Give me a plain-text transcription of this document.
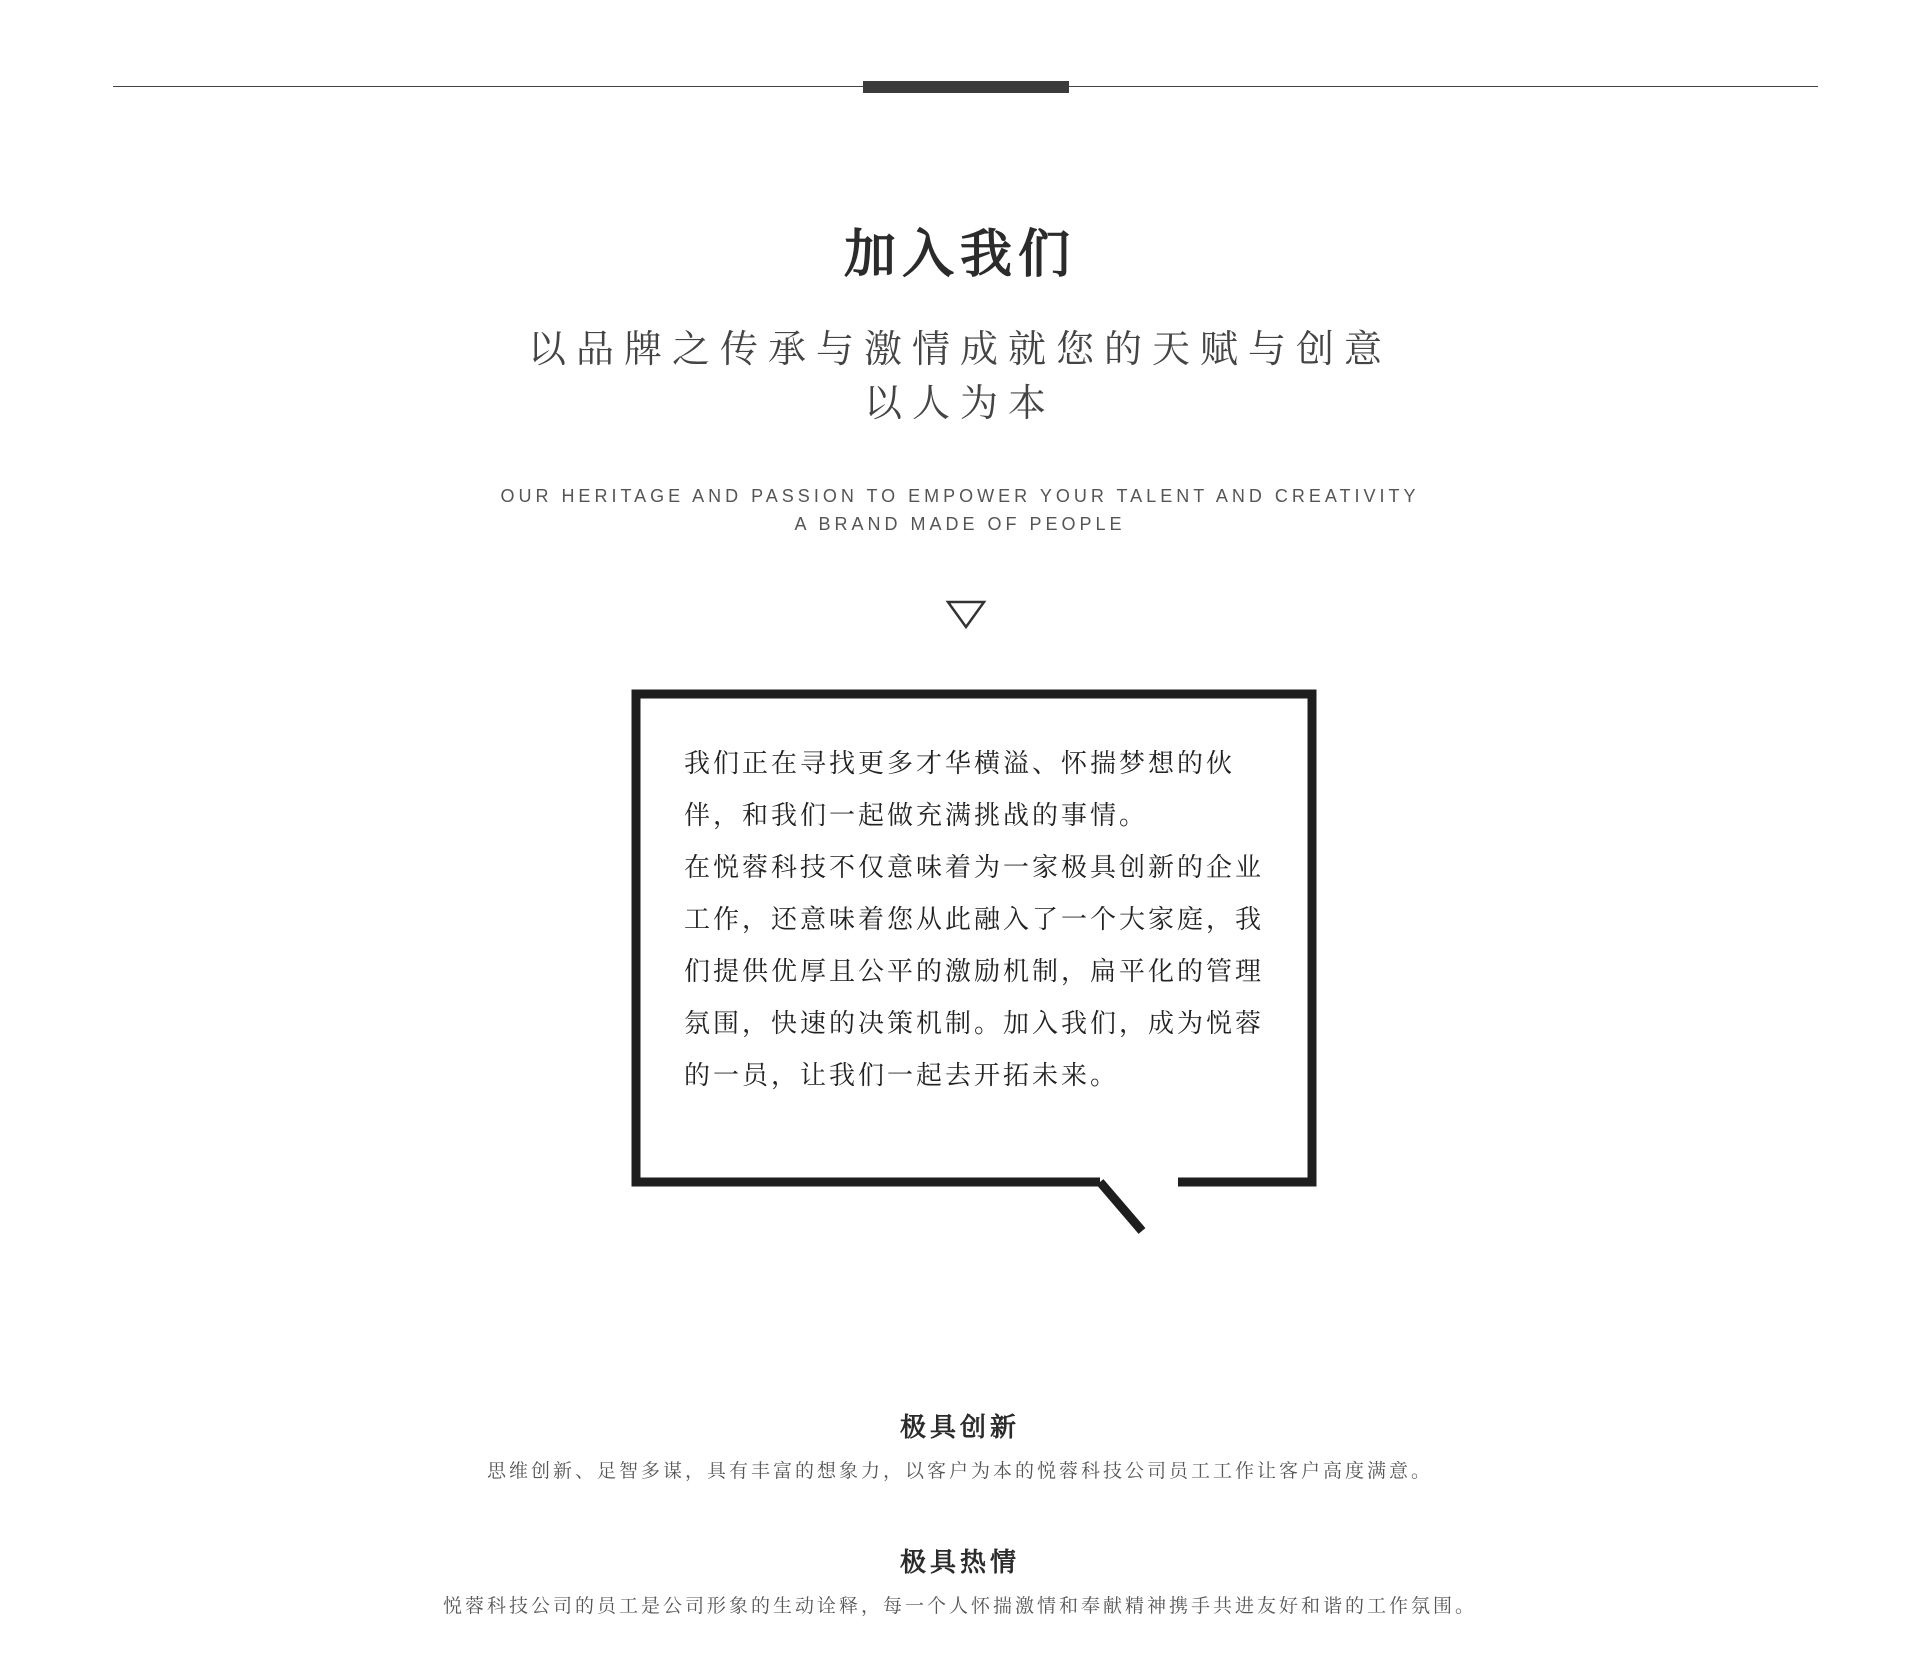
加入我们
以品牌之传承与激情成就您的天赋与创意
以人为本
OUR HERITAGE AND PASSION TO EMPOWER YOUR TALENT AND CREATIVITY
A BRAND MADE OF PEOPLE

我们正在寻找更多才华横溢、怀揣梦想的伙伴，和我们一起做充满挑战的事情。

在悦蓉科技不仅意味着为一家极具创新的企业工作，还意味着您从此融入了一个大家庭，我们提供优厚且公平的激励机制，扁平化的管理氛围，快速的决策机制。加入我们，成为悦蓉的一员，让我们一起去开拓未来。

极具创新
思维创新、足智多谋，具有丰富的想象力，以客户为本的悦蓉科技公司员工工作让客户高度满意。
极具热情
悦蓉科技公司的员工是公司形象的生动诠释，每一个人怀揣激情和奉献精神携手共进友好和谐的工作氛围。
